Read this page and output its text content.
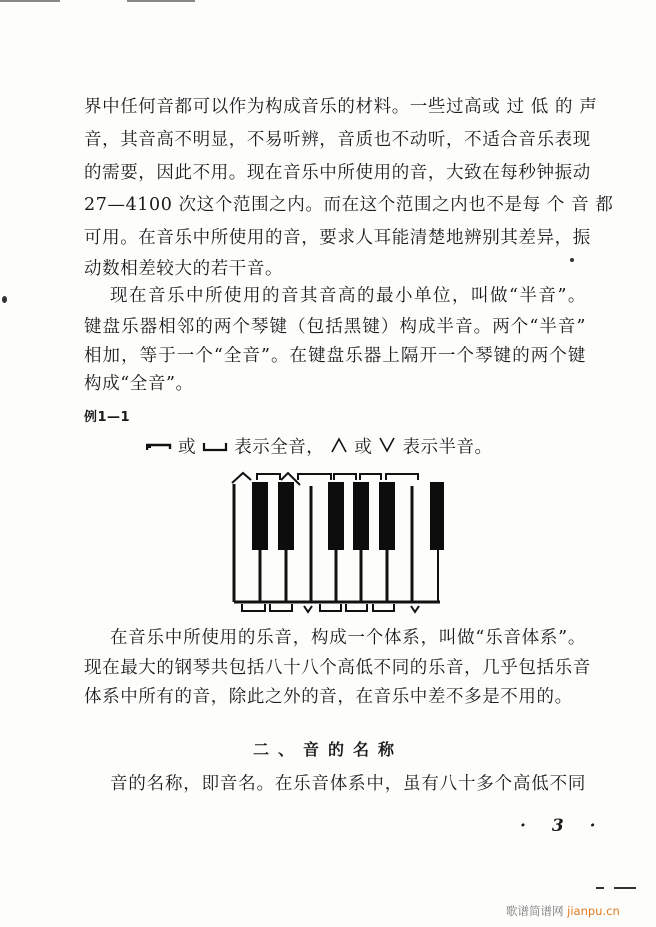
界中任何音都可以作为构成音乐的材料。一些过高或 过 低 的 声
音，其音高不明显，不易听辨，音质也不动听，不适合音乐表现
的需要，因此不用。现在音乐中所使用的音，大致在每秒钟振动
27—4100 次这个范围之内。而在这个范围之内也不是每 个 音 都
可用。在音乐中所使用的音，要求人耳能清楚地辨别其差异，振
动数相差较大的若干音。
现在音乐中所使用的音其音高的最小单位，叫做“半音”。
键盘乐器相邻的两个琴键（包括黑键）构成半音。两个“半音”
相加，等于一个“全音”。在键盘乐器上隔开一个琴键的两个键
构成“全音”。
例1—1
或 表示全音， 或 表示半音。
在音乐中所使用的乐音，构成一个体系，叫做“乐音体系”。
现在最大的钢琴共包括八十八个高低不同的乐音，几乎包括乐音
体系中所有的音，除此之外的音，在音乐中差不多是不用的。
二、音的名称
音的名称，即音名。在乐音体系中，虽有八十多个高低不同
· 3 ·
歌谱简谱网 jianpu.cn
